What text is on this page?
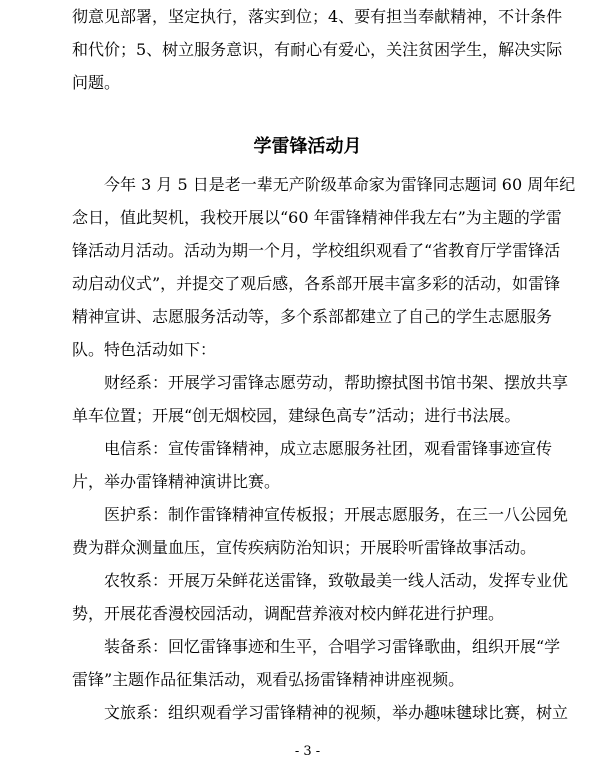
彻意见部署，坚定执行，落实到位；4、要有担当奉献精神，不计条件
和代价；5、树立服务意识，有耐心有爱心，关注贫困学生，解决实际
问题。
学雷锋活动月
　　今年 3 月 5 日是老一辈无产阶级革命家为雷锋同志题词 60 周年纪
念日，值此契机，我校开展以“60 年雷锋精神伴我左右”为主题的学雷
锋活动月活动。活动为期一个月，学校组织观看了“省教育厅学雷锋活
动启动仪式”，并提交了观后感，各系部开展丰富多彩的活动，如雷锋
精神宣讲、志愿服务活动等，多个系部都建立了自己的学生志愿服务
队。特色活动如下：
　　财经系：开展学习雷锋志愿劳动，帮助擦拭图书馆书架、摆放共享
单车位置；开展“创无烟校园，建绿色高专”活动；进行书法展。
　　电信系：宣传雷锋精神，成立志愿服务社团，观看雷锋事迹宣传
片，举办雷锋精神演讲比赛。
　　医护系：制作雷锋精神宣传板报；开展志愿服务，在三一八公园免
费为群众测量血压，宣传疾病防治知识；开展聆听雷锋故事活动。
　　农牧系：开展万朵鲜花送雷锋，致敬最美一线人活动，发挥专业优
势，开展花香漫校园活动，调配营养液对校内鲜花进行护理。
　　装备系：回忆雷锋事迹和生平，合唱学习雷锋歌曲，组织开展“学
雷锋”主题作品征集活动，观看弘扬雷锋精神讲座视频。
　　文旅系：组织观看学习雷锋精神的视频，举办趣味毽球比赛，树立
- 3 -
